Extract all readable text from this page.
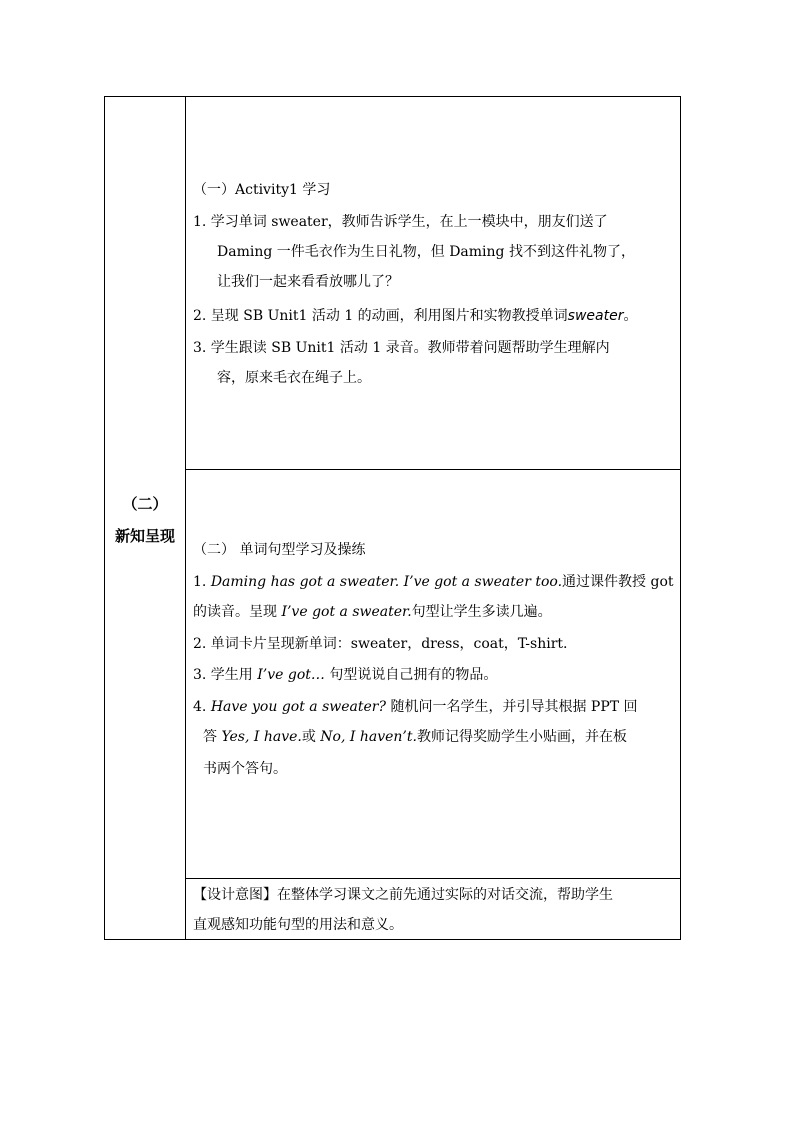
（二）
新知呈现
（一）Activity1 学习
1. 学习单词 sweater，教师告诉学生，在上一模块中，朋友们送了
Daming 一件毛衣作为生日礼物，但 Daming 找不到这件礼物了，
让我们一起来看看放哪儿了？
2. 呈现 SB Unit1 活动 1 的动画，利用图片和实物教授单词sweater。
3. 学生跟读 SB Unit1 活动 1 录音。教师带着问题帮助学生理解内
容，原来毛衣在绳子上。
（二） 单词句型学习及操练
1. Daming has got a sweater. I’ve got a sweater too.通过课件教授 got
的读音。呈现 I’ve got a sweater.句型让学生多读几遍。
2. 单词卡片呈现新单词：sweater，dress，coat，T-shirt.
3. 学生用 I’ve got… 句型说说自己拥有的物品。
4. Have you got a sweater? 随机问一名学生，并引导其根据 PPT 回
答 Yes, I have.或 No, I haven’t.教师记得奖励学生小贴画，并在板
书两个答句。
【设计意图】在整体学习课文之前先通过实际的对话交流，帮助学生
直观感知功能句型的用法和意义。
